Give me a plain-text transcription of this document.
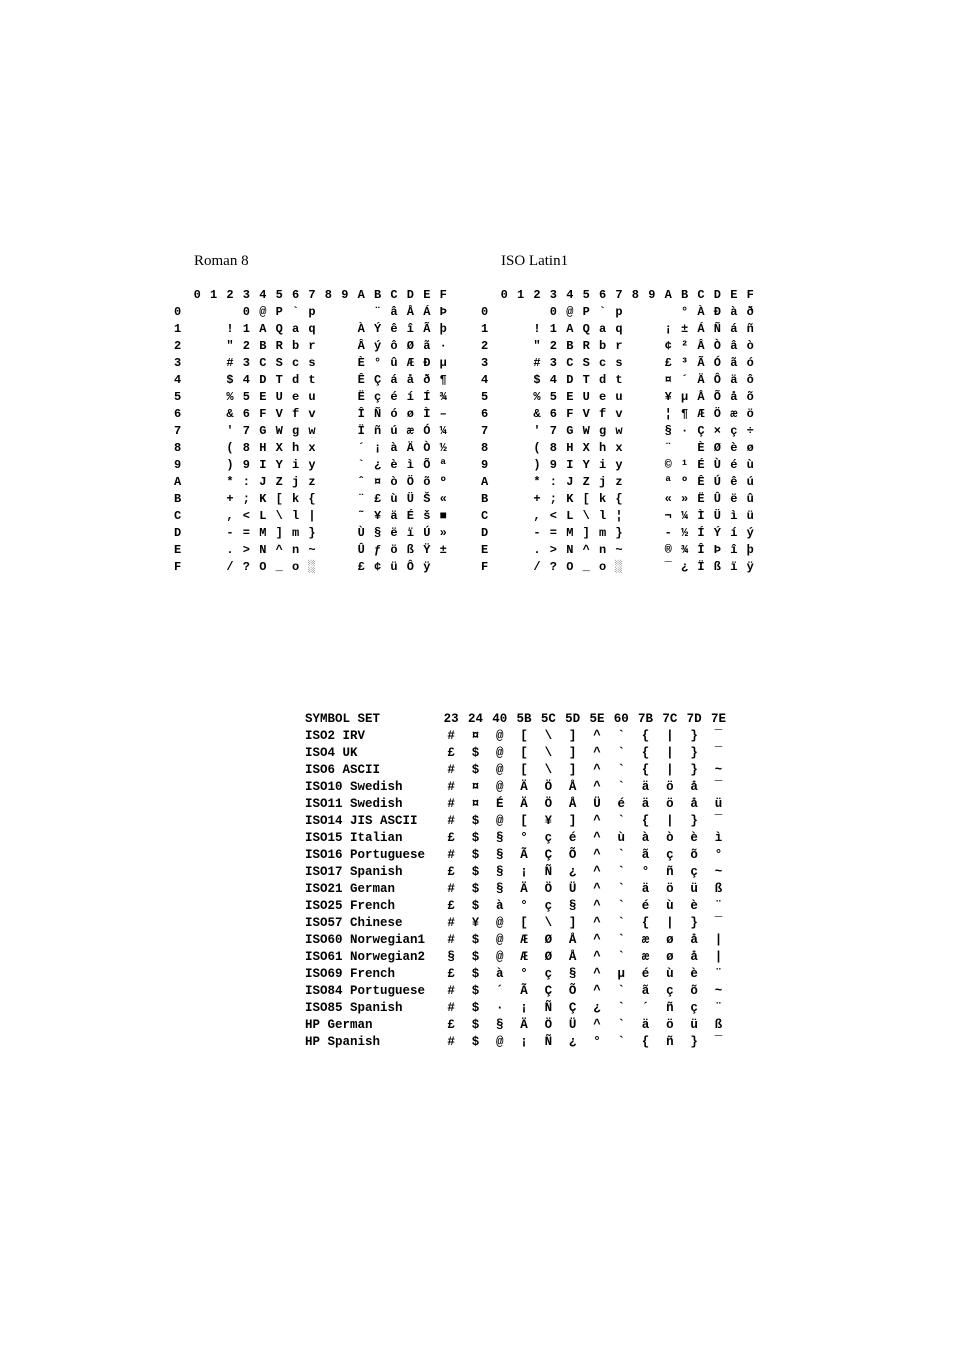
Roman 8	ISO Latin1
0 1 2 3 4 5 6 7 8 9 A B C D E F
0	0 @ P ` p	¨ â Å Á Þ
1	! 1 A Q a q	À Ý ê î Ã þ
2	" 2 B R b r	Â ý ô Ø ã ·
3	# 3 C S c s	È ° û Æ Ð µ
4	$ 4 D T d t	Ê Ç á å ð ¶
5	% 5 E U e u	Ë ç é í Í ¾
6	& 6 F V f v	Î Ñ ó ø Ì –
7	' 7 G W g w	Ï ñ ú æ Ó ¼
8	( 8 H X h x	´ ¡ à Ä Ò ½
9	) 9 I Y i y	` ¿ è ì Õ ª
A	* : J Z j z	ˆ ¤ ò Ö õ º
B	+ ; K [ k {	¨ £ ù Ü Š «
C	, < L \ l |	˜ ¥ ä É š ■
D	- = M ] m }	Ù § ë ï Ú »
E	. > N ^ n ~	Û ƒ ö ß Ÿ ±
F	/ ? O _ o ░	£ ¢ ü Ô ÿ
0 1 2 3 4 5 6 7 8 9 A B C D E F
0	0 @ P ` p	° À Ð à ð
1	! 1 A Q a q	¡ ± Á Ñ á ñ
2	" 2 B R b r	¢ ² Â Ò â ò
3	# 3 C S c s	£ ³ Ã Ó ã ó
4	$ 4 D T d t	¤ ´ Ä Ô ä ô
5	% 5 E U e u	¥ µ Å Õ å õ
6	& 6 F V f v	¦ ¶ Æ Ö æ ö
7	' 7 G W g w	§ · Ç × ç ÷
8	( 8 H X h x	¨	È Ø è ø
9	) 9 I Y i y	© ¹ É Ù é ù
A	* : J Z j z	ª º Ê Ú ê ú
B	+ ; K [ k {	« » Ë Û ë û
C	, < L \ l ¦	¬ ¼ Ì Ü ì ü
D	- = M ] m }	- ½ Í Ý í ý
E	. > N ^ n ~	® ¾ Î Þ î þ
F	/ ? O _ o ░	¯ ¿ Ï ß ï ÿ
SYMBOL SET	23 24 40 5B 5C 5D 5E 60 7B 7C 7D 7E
ISO2 IRV	#	¤	@	[	\	]	^	`	{	|	}	‾
ISO4 UK	£	$	@	[	\	]	^	`	{	|	}	‾
ISO6 ASCII	#	$	@	[	\	]	^	`	{	|	}	~
ISO10 Swedish	#	¤	@	Ä	Ö	Å	^	`	ä	ö	å	‾
ISO11 Swedish	#	¤	É	Ä	Ö	Å	Ü	é	ä	ö	å	ü
ISO14 JIS ASCII	#	$	@	[	¥	]	^	`	{	|	}	‾
ISO15 Italian	£	$	§	°	ç	é	^	ù	à	ò	è	ì
ISO16 Portuguese	#	$	§	Ã	Ç	Õ	^	`	ã	ç	õ	°
ISO17 Spanish	£	$	§	¡	Ñ	¿	^	`	°	ñ	ç	~
ISO21 German	#	$	§	Ä	Ö	Ü	^	`	ä	ö	ü	ß
ISO25 French	£	$	à	°	ç	§	^	`	é	ù	è	¨
ISO57 Chinese	#	¥	@	[	\	]	^	`	{	|	}	‾
ISO60 Norwegian1	#	$	@	Æ	Ø	Å	^	`	æ	ø	å	|
ISO61 Norwegian2	§	$	@	Æ	Ø	Å	^	`	æ	ø	å	|
ISO69 French	£	$	à	°	ç	§	^	µ	é	ù	è	¨
ISO84 Portuguese	#	$	´	Ã	Ç	Õ	^	`	ã	ç	õ	~
ISO85 Spanish	#	$	·	¡	Ñ	Ç	¿	`	´	ñ	ç	¨
HP German	£	$	§	Ä	Ö	Ü	^	`	ä	ö	ü	ß
HP Spanish	#	$	@	¡	Ñ	¿	°	`	{	ñ	}	‾
